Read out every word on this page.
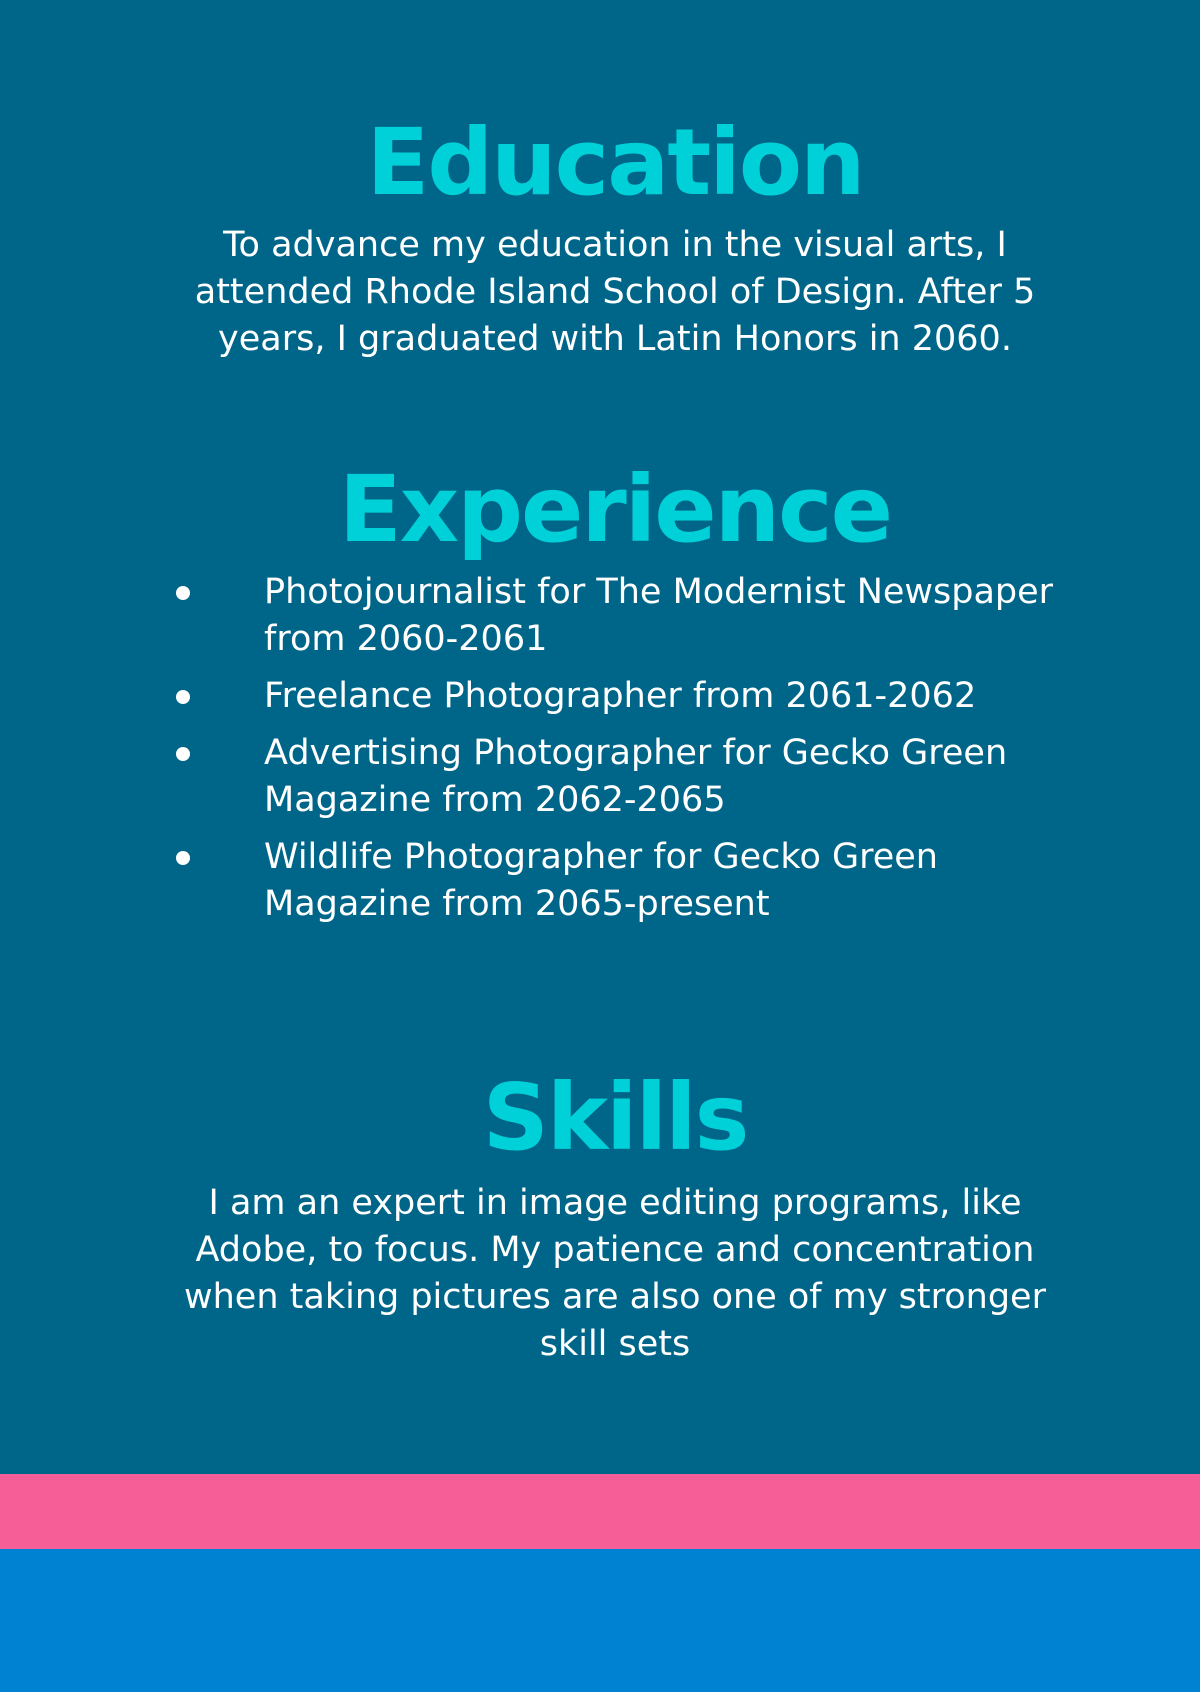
Education

To advance my education in the visual arts, I attended Rhode Island School of Design. After 5 years, I graduated with Latin Honors in 2060.

Experience
Photojournalist for The Modernist Newspaper from 2060-2061
Freelance Photographer from 2061-2062
Advertising Photographer for Gecko Green Magazine from 2062-2065
Wildlife Photographer for Gecko Green Magazine from 2065-present
Skills

I am an expert in image editing programs, like Adobe, to focus. My patience and concentration when taking pictures are also one of my stronger skill sets
